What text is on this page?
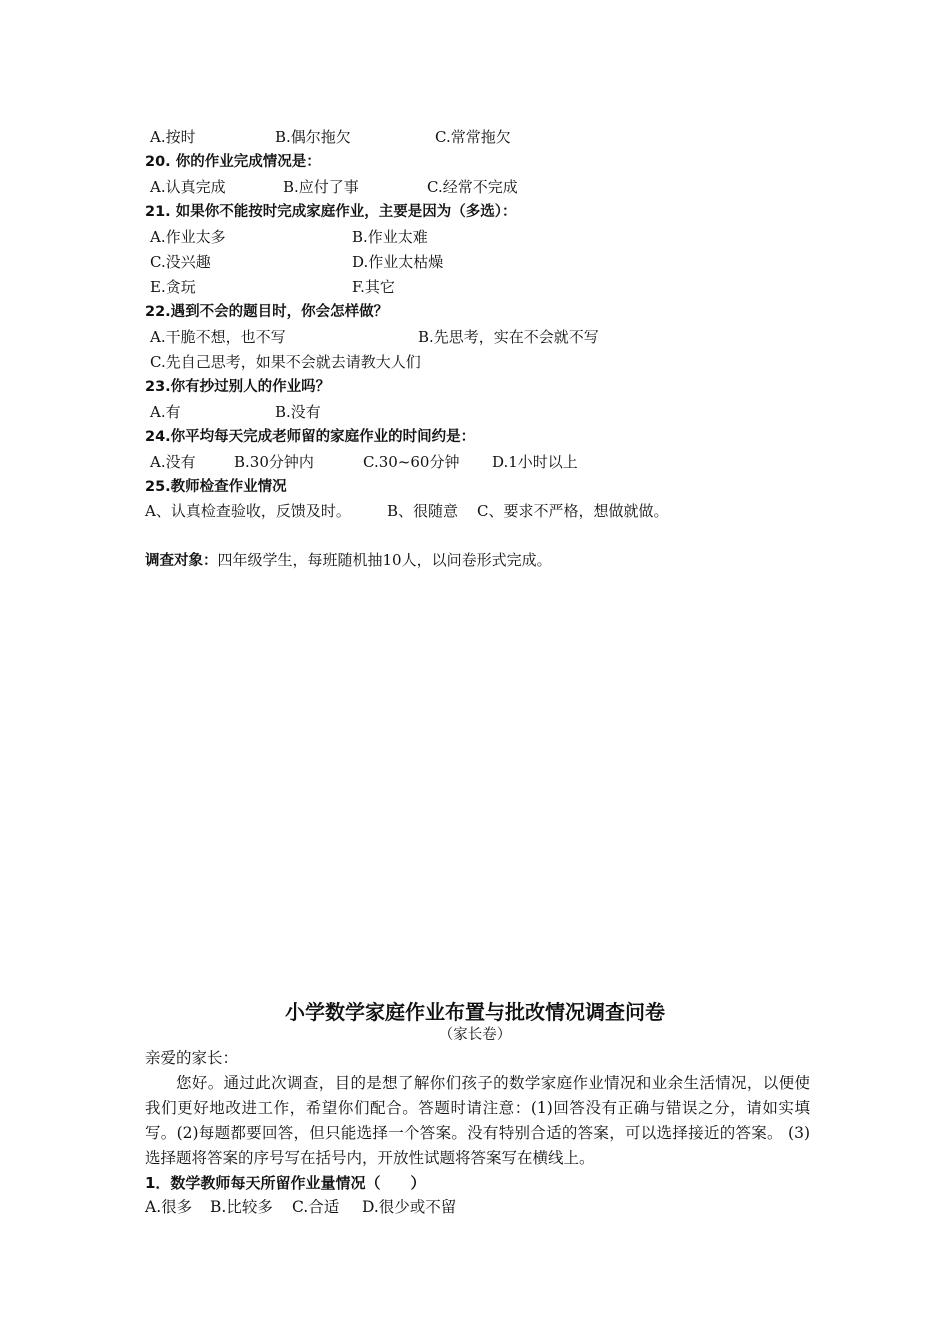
A.按时	B.偶尔拖欠	C.常常拖欠
20. 你的作业完成情况是：
A.认真完成	B.应付了事	C.经常不完成
21. 如果你不能按时完成家庭作业，主要是因为（多选）：
A.作业太多	B.作业太难
C.没兴趣	D.作业太枯燥
E.贪玩	F.其它
22.遇到不会的题目时，你会怎样做？
A.干脆不想，也不写	B.先思考，实在不会就不写
C.先自己思考，如果不会就去请教大人们
23.你有抄过别人的作业吗？
A.有	B.没有
24.你平均每天完成老师留的家庭作业的时间约是：
A.没有	B.30分钟内	C.30~60分钟 D.1小时以上
25.教师检查作业情况
A、认真检查验收，反馈及时。 B、很随意 C、要求不严格，想做就做。
调查对象：四年级学生，每班随机抽10人，以问卷形式完成。
小学数学家庭作业布置与批改情况调查问卷
（家长卷）
亲爱的家长：
您好。通过此次调查，目的是想了解你们孩子的数学家庭作业情况和业余生活情况，以便使我们更好地改进工作，希望你们配合。答题时请注意：(1)回答没有正确与错误之分，请如实填写。(2)每题都要回答，但只能选择一个答案。没有特别合适的答案，可以选择接近的答案。 (3) 选择题将答案的序号写在括号内，开放性试题将答案写在横线上。
1．数学教师每天所留作业量情况（　　）
A.很多 B.比较多 C.合适 D.很少或不留
